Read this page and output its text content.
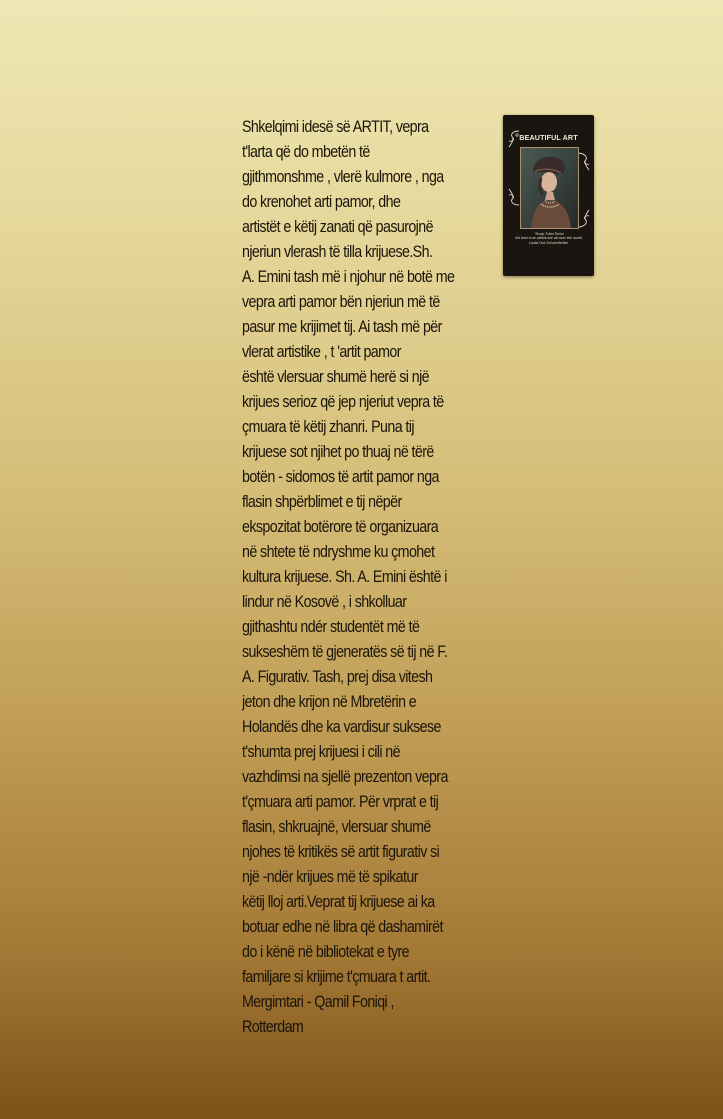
Shkelqimi idesë së ARTIT, vepra
t'larta që do mbetën të
gjithmonshme , vlerë kulmore , nga
do krenohet arti pamor, dhe
artistët e këtij zanati që pasurojnë
njeriun vlerash të tilla krijuese.Sh.
A. Emini tash më i njohur në botë me
vepra arti pamor bën njeriun më të
pasur me krijimet tij. Ai tash më për
vlerat artistike , t 'artit pamor
është vlersuar shumë herë si një
krijues serioz që jep njeriut vepra të
çmuara të këtij zhanri. Puna tij
krijuese sot njihet po thuaj në tërë
botën - sidomos të artit pamor nga
flasin shpërblimet e tij nëpër
ekspozitat botërore të organizuara
në shtete të ndryshme ku çmohet
kultura krijuese. Sh. A. Emini është i
lindur në Kosovë , i shkolluar
gjithashtu ndér studentët më të
sukseshëm të gjeneratës së tij në F.
A. Figurativ. Tash, prej disa vitesh
jeton dhe krijon në Mbretërin e
Holandës dhe ka vardisur suksese
t'shumta prej krijuesi i cili në
vazhdimsi na sjellë prezenton vepra
t'çmuara arti pamor. Për vrprat e tij
flasin, shkruajnë, vlersuar shumë
njohes të kritikës së artit figurativ si
një -ndër krijues më të spikatur
këtij lloj arti.Veprat tij krijuese ai ka
botuar edhe në libra që dashamirët
do i kënë në bibliotekat e tyre
familjare si krijime t'çmuara t artit.
Mergimtari - Qamil Foniqi ,
Rotterdam
BEAUTIFUL ART
Shaqir Adem Emini
Art from true artists are all over the world
Linda Ord-Schoenfelder
